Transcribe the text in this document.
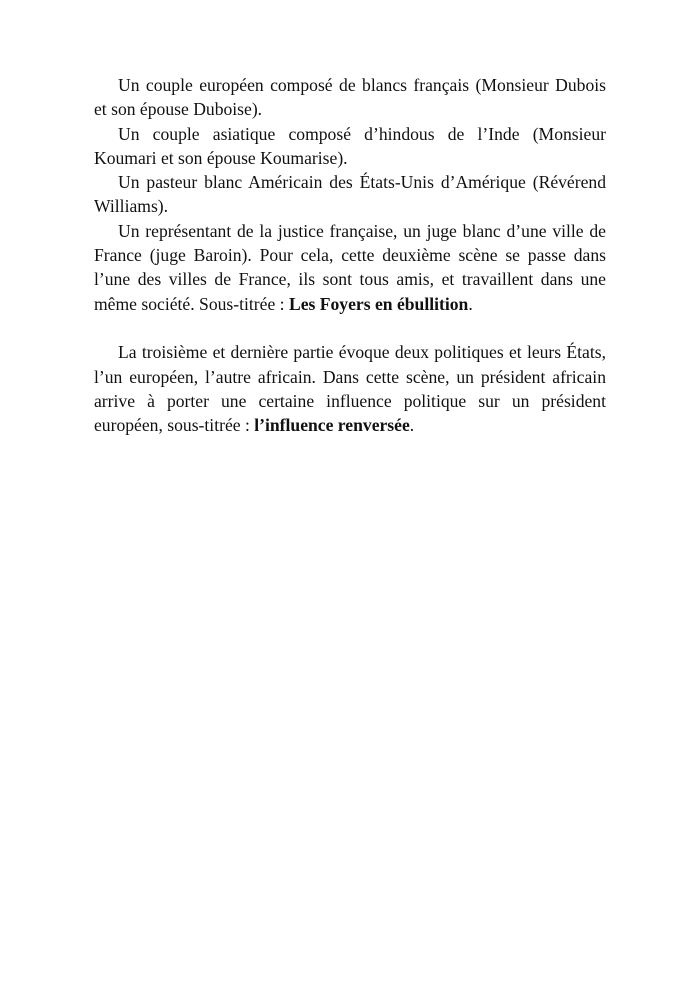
Un couple européen composé de blancs français (Monsieur Dubois et son épouse Duboise).

Un couple asiatique composé d’hindous de l’Inde (Monsieur Koumari et son épouse Koumarise).

Un pasteur blanc Américain des États-Unis d’Amérique (Révérend Williams).

Un représentant de la justice française, un juge blanc d’une ville de France (juge Baroin). Pour cela, cette deuxième scène se passe dans l’une des villes de France, ils sont tous amis, et travaillent dans une même société. Sous-titrée : Les Foyers en ébullition.

La troisième et dernière partie évoque deux politiques et leurs États, l’un européen, l’autre africain. Dans cette scène, un président africain arrive à porter une certaine influence politique sur un président européen, sous-titrée : l’influence renversée.
